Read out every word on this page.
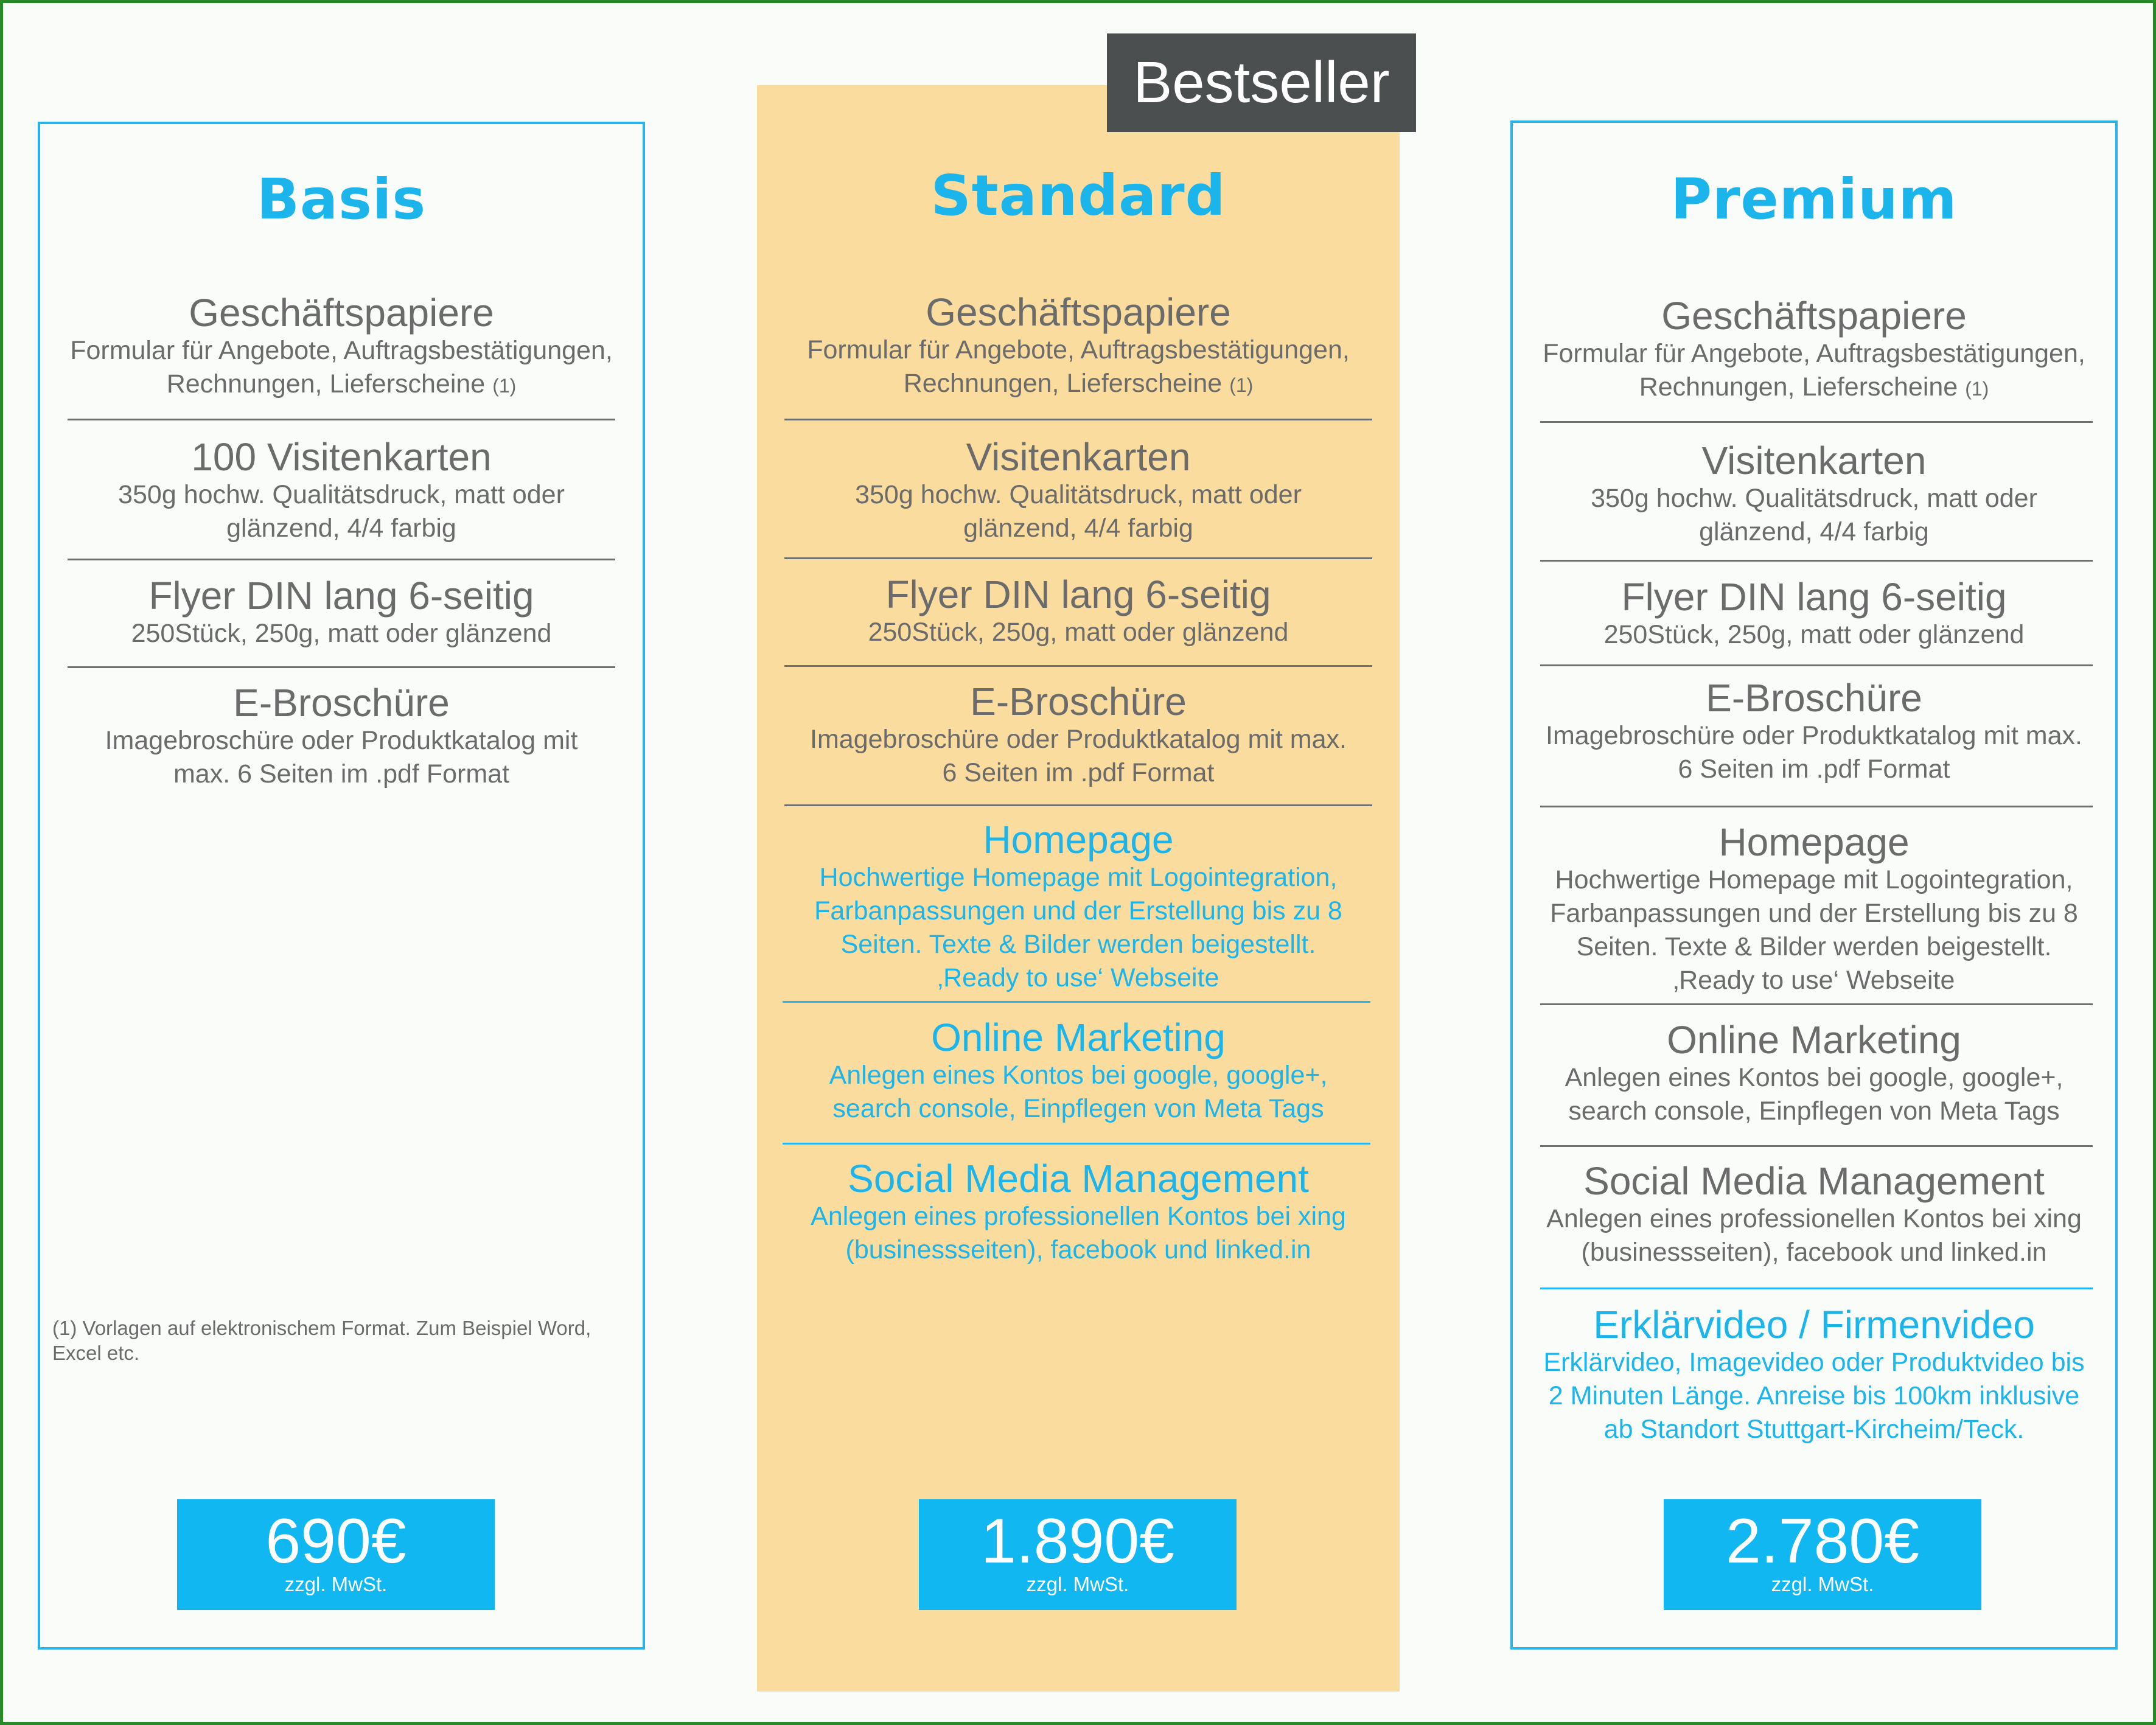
Basis
Geschäftspapiere
Formular für Angebote, Auftragsbestätigungen,
Rechnungen, Lieferscheine (1)
100 Visitenkarten
350g hochw. Qualitätsdruck, matt oder
glänzend, 4/4 farbig
Flyer DIN lang 6-seitig
250Stück, 250g, matt oder glänzend
E-Broschüre
Imagebroschüre oder Produktkatalog mit
max. 6 Seiten im .pdf Format
(1) Vorlagen auf elektronischem Format. Zum Beispiel Word, Excel etc.
690€
zzgl. MwSt.
Standard
Geschäftspapiere
Formular für Angebote, Auftragsbestätigungen,
Rechnungen, Lieferscheine (1)
Visitenkarten
350g hochw. Qualitätsdruck, matt oder
glänzend, 4/4 farbig
Flyer DIN lang 6-seitig
250Stück, 250g, matt oder glänzend
E-Broschüre
Imagebroschüre oder Produktkatalog mit max.
6 Seiten im .pdf Format
Homepage
Hochwertige Homepage mit Logointegration,
Farbanpassungen und der Erstellung bis zu 8
Seiten. Texte & Bilder werden beigestellt.
‚Ready to use‘ Webseite
Online Marketing
Anlegen eines Kontos bei google, google+,
search console, Einpflegen von Meta Tags
Social Media Management
Anlegen eines professionellen Kontos bei xing
(businessseiten), facebook und linked.in
1.890€
zzgl. MwSt.
Bestseller
Premium
Geschäftspapiere
Formular für Angebote, Auftragsbestätigungen,
Rechnungen, Lieferscheine (1)
Visitenkarten
350g hochw. Qualitätsdruck, matt oder
glänzend, 4/4 farbig
Flyer DIN lang 6-seitig
250Stück, 250g, matt oder glänzend
E-Broschüre
Imagebroschüre oder Produktkatalog mit max.
6 Seiten im .pdf Format
Homepage
Hochwertige Homepage mit Logointegration,
Farbanpassungen und der Erstellung bis zu 8
Seiten. Texte & Bilder werden beigestellt.
‚Ready to use‘ Webseite
Online Marketing
Anlegen eines Kontos bei google, google+,
search console, Einpflegen von Meta Tags
Social Media Management
Anlegen eines professionellen Kontos bei xing
(businessseiten), facebook und linked.in
Erklärvideo / Firmenvideo
Erklärvideo, Imagevideo oder Produktvideo bis
2 Minuten Länge. Anreise bis 100km inklusive
ab Standort Stuttgart-Kircheim/Teck.
2.780€
zzgl. MwSt.
